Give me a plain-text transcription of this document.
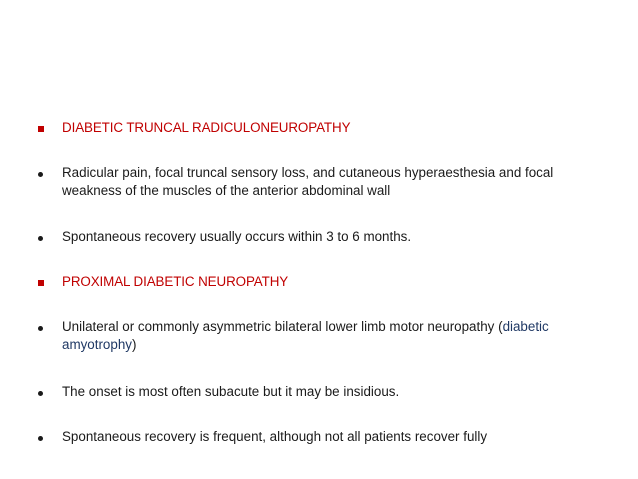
DIABETIC TRUNCAL RADICULONEUROPATHY
Radicular pain, focal truncal sensory loss, and cutaneous hyperaesthesia and focal weakness of the muscles of the anterior abdominal wall
Spontaneous recovery usually occurs within 3 to 6 months.
PROXIMAL DIABETIC NEUROPATHY
Unilateral or commonly asymmetric bilateral lower limb motor neuropathy (diabetic amyotrophy)
The onset is most often subacute but it may be insidious.
Spontaneous recovery is frequent, although not all patients recover fully
